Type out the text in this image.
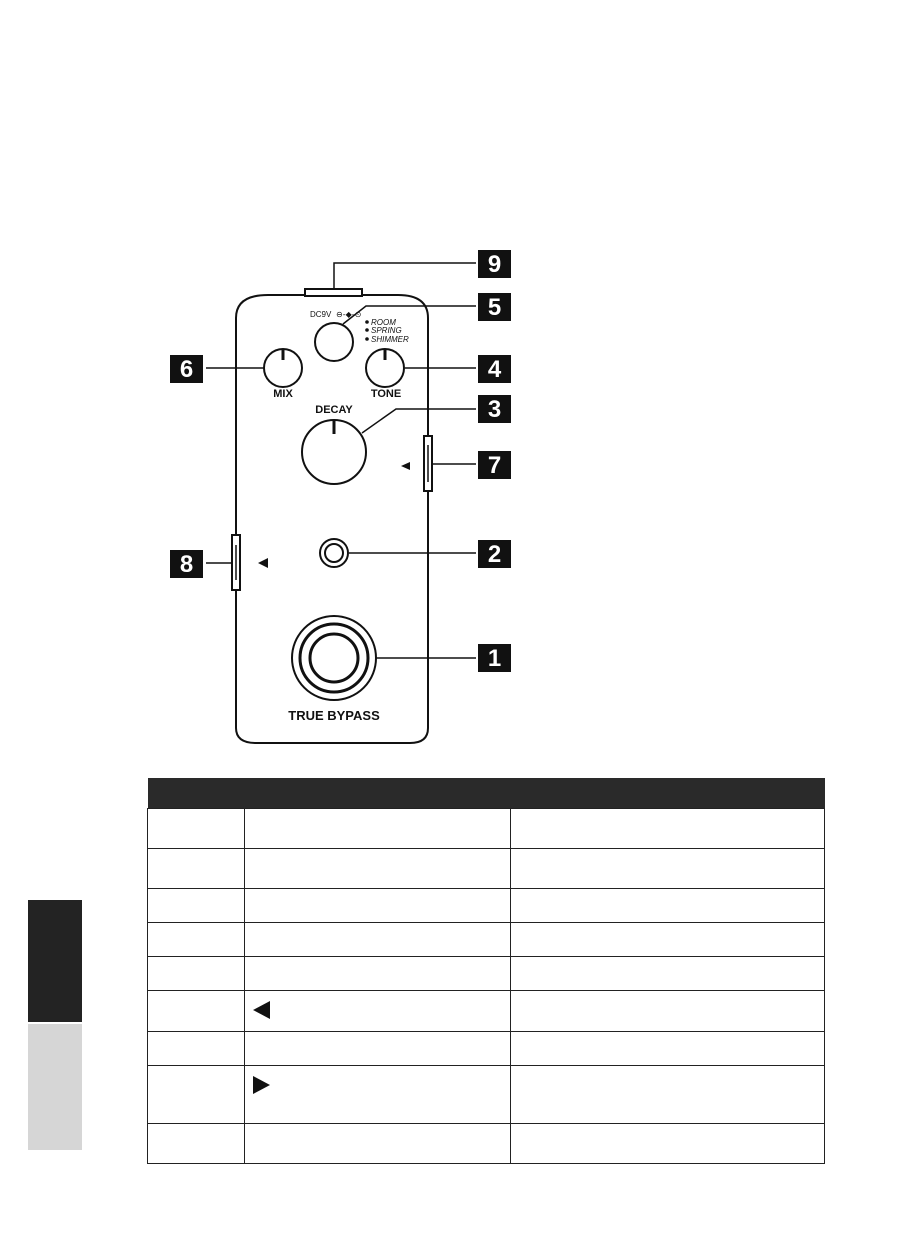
DC9V ⊖-◆-⊙
ROOM
SPRING
SHIMMER
MIX	TONE
DECAY
TRUE BYPASS
9
5
4
6
3
7
2
8
1
